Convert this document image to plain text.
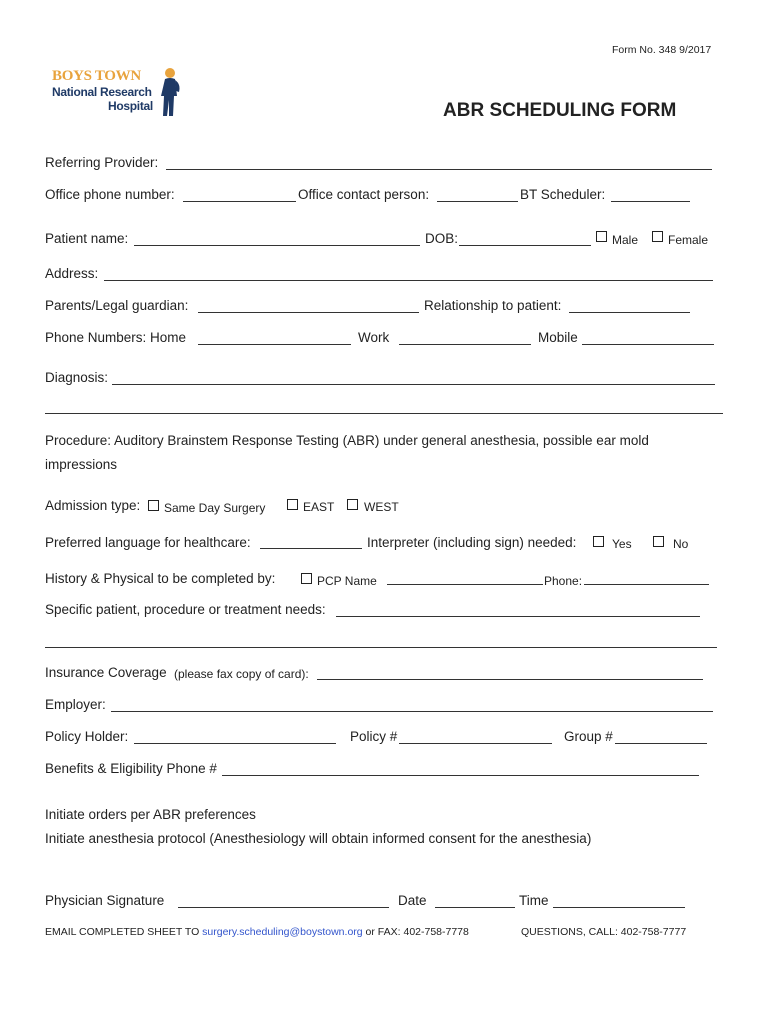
Form No. 348 9/2017
BOYS TOWN
National Research
Hospital	ABR SCHEDULING FORM
Referring Provider:
Office phone number:	Office contact person:	BT Scheduler:
Patient name:	DOB:	Male Female
Address:
Parents/Legal guardian:	Relationship to patient:
Phone Numbers: Home	Work	Mobile
Diagnosis:
Procedure: Auditory Brainstem Response Testing (ABR) under general anesthesia, possible ear mold
impressions
Admission type: Same Day Surgery	EAST WEST
Preferred language for healthcare:	Interpreter (including sign) needed:	Yes	No
History & Physical to be completed by:	PCP Name	Phone:
Specific patient, procedure or treatment needs:
Insurance Coverage (please fax copy of card):
Employer:
Policy Holder:	Policy #	Group #
Benefits & Eligibility Phone #
Initiate orders per ABR preferences
Initiate anesthesia protocol (Anesthesiology will obtain informed consent for the anesthesia)
Physician Signature	Date	Time
EMAIL COMPLETED SHEET TO surgery.scheduling@boystown.org or FAX: 402-758-7778	QUESTIONS, CALL: 402-758-7777
